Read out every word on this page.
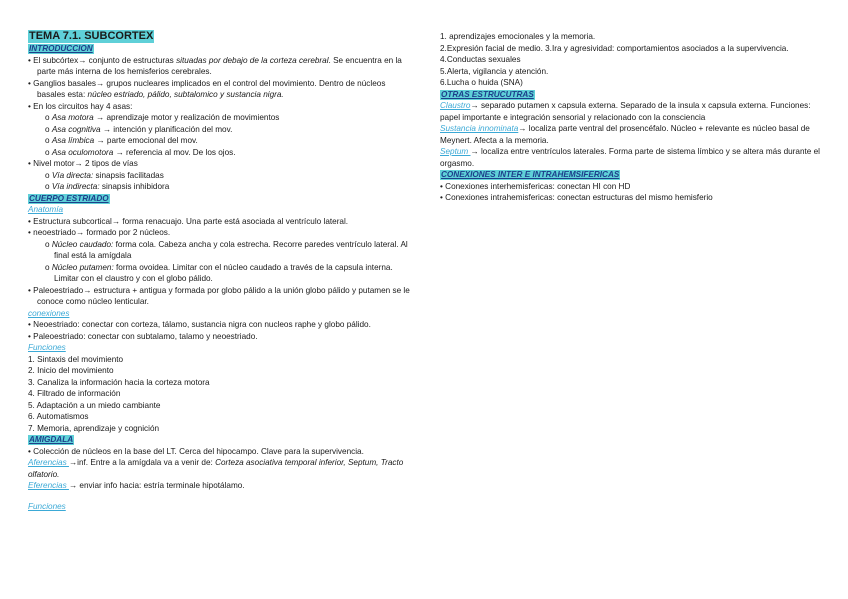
TEMA 7.1. SUBCORTEX
INTRODUCCION
• El subcórtex→ conjunto de estructuras situadas por debajo de la corteza cerebral. Se encuentra en la parte más interna de los hemisferios cerebrales.
• Ganglios basales→ grupos nucleares implicados en el control del movimiento. Dentro de núcleos basales esta: núcleo estriado, pálido, subtalomico y sustancia nigra.
• En los circuitos hay 4 asas:
o Asa motora → aprendizaje motor y realización de movimientos
o Asa cognitiva → intención y planificación del mov.
o Asa límbica → parte emocional del mov.
o Asa oculomotora → referencia al mov. De los ojos.
• Nivel motor→ 2 tipos de vías
o Vía directa: sinapsis facilitadas
o Vía indirecta: sinapsis inhibidora
CUERPO ESTRIADO
Anatomía
• Estructura subcortical→ forma renacuajo. Una parte está asociada al ventrículo lateral.
• neoestriado→ formado por 2 núcleos.
o Núcleo caudado: forma cola. Cabeza ancha y cola estrecha. Recorre paredes ventrículo lateral. Al final está la amígdala
o Núcleo putamen: forma ovoidea. Limitar con el núcleo caudado a través de la capsula interna. Limitar con el claustro y con el globo pálido.
• Paleoestriado→ estructura + antigua y formada por globo pálido a la unión globo pálido y putamen se le conoce como núcleo lenticular.
conexiones
• Neoestriado: conectar con corteza, tálamo, sustancia nigra con nucleos raphe y globo pálido.
• Paleoestriado: conectar con subtalamo, talamo y neoestriado.
Funciones
1. Sintaxis del movimiento
2. Inicio del movimiento
3. Canaliza la información hacia la corteza motora
4. Filtrado de información
5. Adaptación a un miedo cambiante
6. Automatismos
7. Memoria, aprendizaje y cognición
AMIGDALA
• Colección de núcleos en la base del LT. Cerca del hipocampo. Clave para la supervivencia.
Aferencias →inf. Entre a la amígdala va a venir de: Corteza asociativa temporal inferior, Septum, Tracto olfatorio.
Eferencias → enviar info hacia: estría terminale hipotálamo.
Funciones
1. aprendizajes emocionales y la memoria.
2.Expresión facial de medio. 3.Ira y agresividad: comportamientos asociados a la supervivencia.
4.Conductas sexuales
5.Alerta, vigilancia y atención.
6.Lucha o huida (SNA)
OTRAS ESTRUCUTRAS
Claustro→ separado putamen x capsula externa. Separado de la insula x capsula externa. Funciones: papel importante e integración sensorial y relacionado con la consciencia
Sustancia innominata→ localiza parte ventral del prosencéfalo. Núcleo + relevante es núcleo basal de Meynert. Afecta a la memoria.
Septum → localiza entre ventrículos laterales. Forma parte de sistema límbico y se altera más durante el orgasmo.
CONEXIONES INTER E INTRAHEMSIFERICAS
• Conexiones interhemisfericas: conectan HI con HD
• Conexiones intrahemisfericas: conectan estructuras del mismo hemisferio
